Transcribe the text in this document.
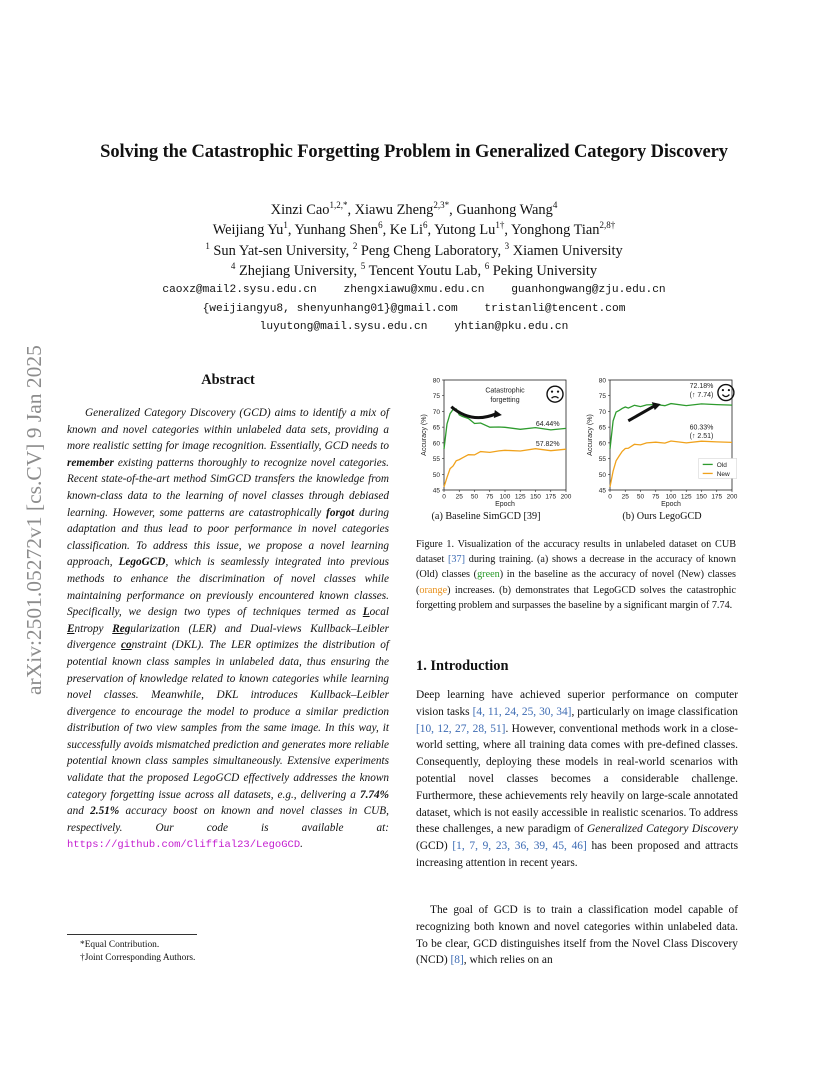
arXiv:2501.05272v1 [cs.CV] 9 Jan 2025
Solving the Catastrophic Forgetting Problem in Generalized Category Discovery
Xinzi Cao$^{1,2,*}$, Xiawu Zheng$^{2,3*}$, Guanhong Wang$^4$
Weijiang Yu$^1$, Yunhang Shen$^6$, Ke Li$^6$, Yutong $Lu^{1\dagger}$, Yonghong Tian$^{2,8\dagger}$
$^1$ Sun Yat-sen University, $^2$ Peng Cheng Laboratory, $^3$ Xiamen University
$^4$ Zhejiang University, $^5$ Tencent Youtu Lab, $^6$ Peking University
caoxz@mail2.sysu.edu.cn zhengxiawu@xmu.edu.cn guanhongwang@zju.edu.cn
{weijiangyu8, shenyunhang01}@gmail.com tristanli@tencent.com
luyutong@mail.sysu.edu.cn yhtian@pku.edu.cn
Abstract
Generalized Category Discovery (GCD) aims to identify a mix of known and novel categories within unlabeled data sets, providing a more realistic setting for image recognition. Essentially, GCD needs to remember existing patterns thoroughly to recognize novel categories. Recent state-of-the-art method SimGCD transfers the knowledge from known-class data to the learning of novel classes through debiased learning. However, some patterns are catastrophically forgot during adaptation and thus lead to poor performance in novel categories classification. To address this issue, we propose a novel learning approach, LegoGCD, which is seamlessly integrated into previous methods to enhance the discrimination of novel classes while maintaining performance on previously encountered known classes. Specifically, we design two types of techniques termed as Local Entropy Regularization (LER) and Dual-views Kullback–Leibler divergence constraint (DKL). The LER optimizes the distribution of potential known class samples in unlabeled data, thus ensuring the preservation of knowledge related to known categories while learning novel classes. Meanwhile, DKL introduces Kullback–Leibler divergence to encourage the model to produce a similar prediction distribution of two view samples from the same image. In this way, it successfully avoids mismatched prediction and generates more reliable potential known class samples simultaneously. Extensive experiments validate that the proposed LegoGCD effectively addresses the known category forgetting issue across all datasets, e.g., delivering a 7.74% and 2.51% accuracy boost on known and novel classes in CUB, respectively. Our code is available at: https://github.com/Cliffial23/LegoGCD.
*Equal Contribution.
†Joint Corresponding Authors.
45
50
55
60
65
70
75
80
0 25 50 75 100 125 150 175 200
Epoch
Accuracy (%)
45
50
55
60
65
70
75
80
0 25 50 75 100 125 150 175 200
Epoch
Accuracy (%)
Catastrophic
forgetting
64.44%
57.82%
72.18%
(↑ 7.74)
60.33%
(↑ 2.51)
Old
New
(a) Baseline SimGCD [39]	(b) Ours LegoGCD
Figure 1. Visualization of the accuracy results in unlabeled dataset on CUB dataset [37] during training. (a) shows a decrease in the accuracy of known (Old) classes (green) in the baseline as the accuracy of novel (New) classes (orange) increases. (b) demonstrates that LegoGCD solves the catastrophic forgetting problem and surpasses the baseline by a significant margin of 7.74.
1. Introduction
Deep learning have achieved superior performance on computer vision tasks [4, 11, 24, 25, 30, 34], particularly on image classification [10, 12, 27, 28, 51]. However, conventional methods work in a close-world setting, where all training data comes with pre-defined classes. Consequently, deploying these models in real-world scenarios with potential novel classes becomes a considerable challenge. Furthermore, these achievements rely heavily on large-scale annotated dataset, which is not easily accessible in realistic scenarios. To address these challenges, a new paradigm of Generalized Category Discovery (GCD) [1, 7, 9, 23, 36, 39, 45, 46] has been proposed and attracts increasing attention in recent years.
The goal of GCD is to train a classification model capable of recognizing both known and novel categories within unlabeled data. To be clear, GCD distinguishes itself from the Novel Class Discovery (NCD) [8], which relies on an
